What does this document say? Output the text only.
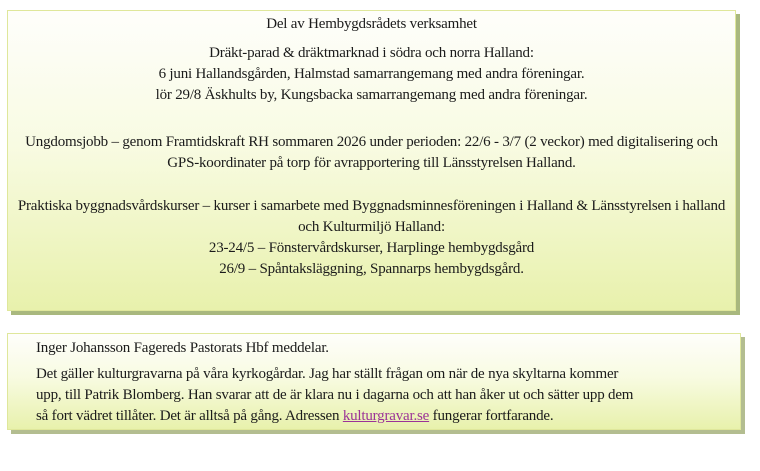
Del av Hembygdsrådets verksamhet
Dräkt-parad & dräktmarknad i södra och norra Halland:
6 juni Hallandsgården, Halmstad samarrangemang med andra föreningar.
lör 29/8 Äskhults by, Kungsbacka samarrangemang med andra föreningar.
Ungdomsjobb – genom Framtidskraft RH sommaren 2026 under perioden: 22/6 - 3/7 (2 veckor) med digitalisering och
GPS-koordinater på torp för avrapportering till Länsstyrelsen Halland.
Praktiska byggnadsvårdskurser – kurser i samarbete med Byggnadsminnesföreningen i Halland & Länsstyrelsen i halland
och Kulturmiljö Halland:
23-24/5 – Fönstervårdskurser, Harplinge hembygdsgård
26/9 – Spåntaksläggning, Spannarps hembygdsgård.
Inger Johansson Fagereds Pastorats Hbf meddelar.
Det gäller kulturgravarna på våra kyrkogårdar. Jag har ställt frågan om när de nya skyltarna kommer
upp, till Patrik Blomberg. Han svarar att de är klara nu i dagarna och att han åker ut och sätter upp dem
så fort vädret tillåter. Det är alltså på gång. Adressen kulturgravar.se fungerar fortfarande.
